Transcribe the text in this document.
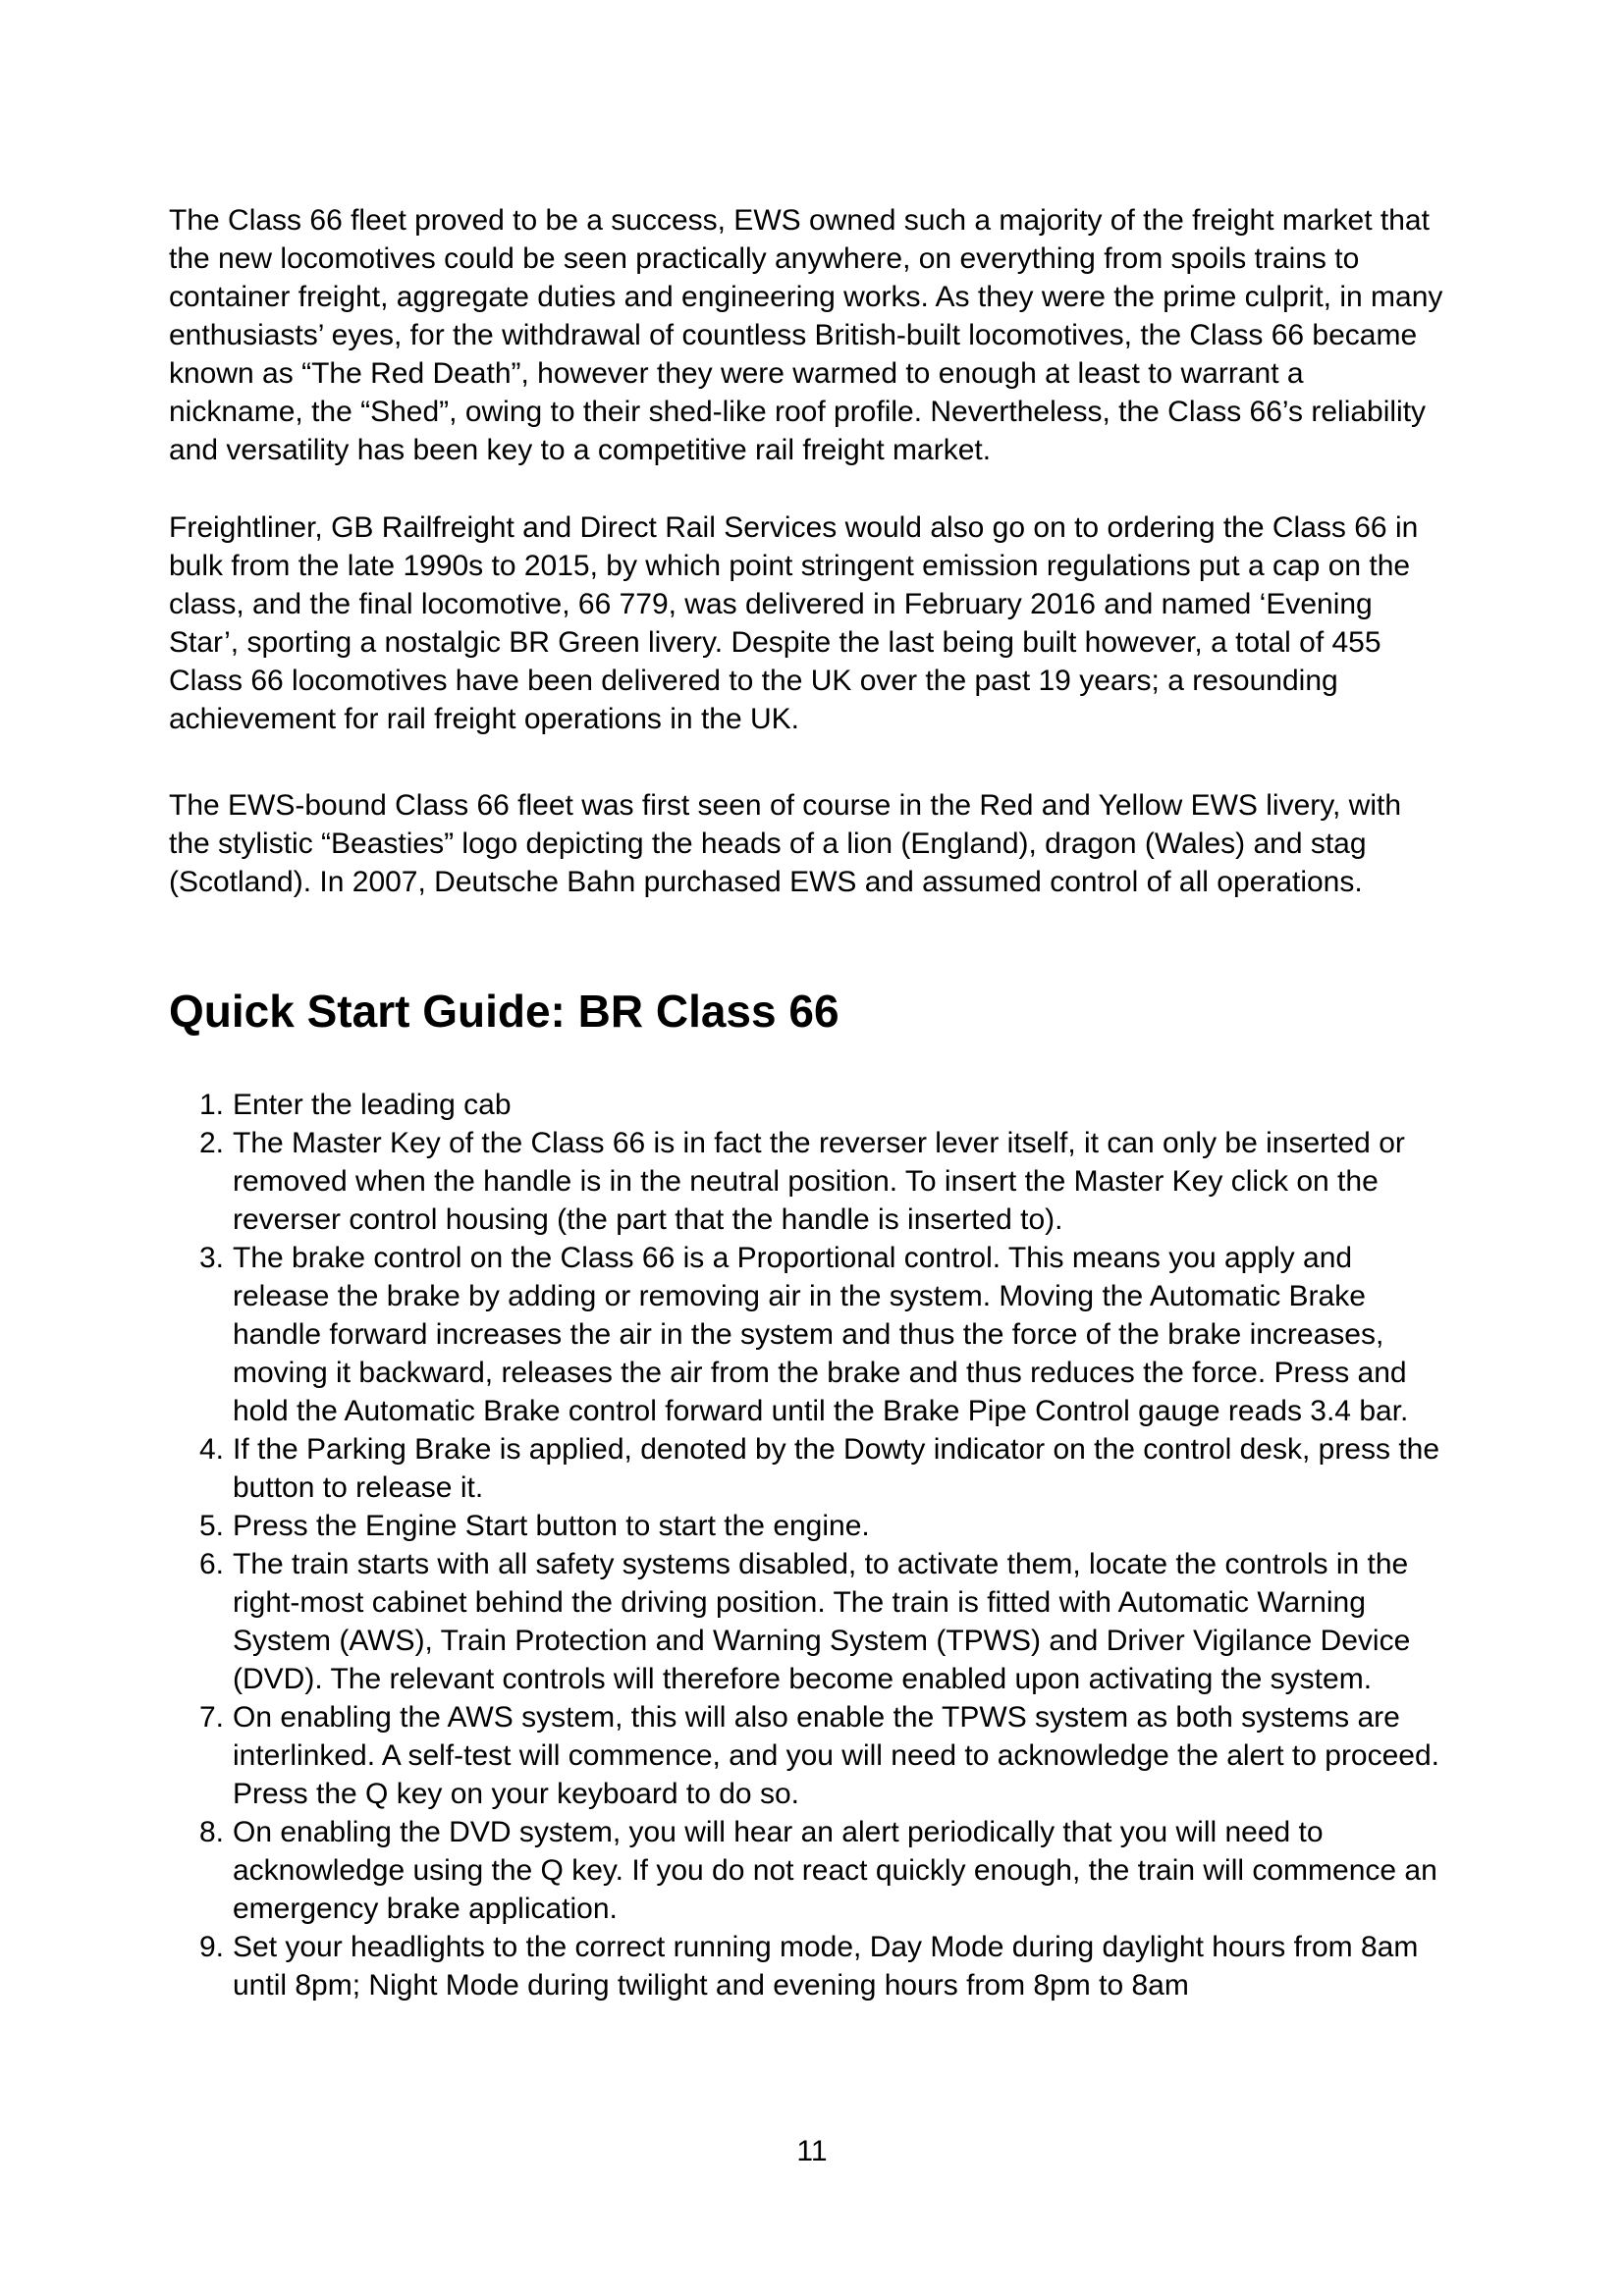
The Class 66 fleet proved to be a success, EWS owned such a majority of the freight market that the new locomotives could be seen practically anywhere, on everything from spoils trains to container freight, aggregate duties and engineering works. As they were the prime culprit, in many enthusiasts’ eyes, for the withdrawal of countless British-built locomotives, the Class 66 became known as “The Red Death”, however they were warmed to enough at least to warrant a nickname, the “Shed”, owing to their shed-like roof profile. Nevertheless, the Class 66’s reliability and versatility has been key to a competitive rail freight market.

Freightliner, GB Railfreight and Direct Rail Services would also go on to ordering the Class 66 in bulk from the late 1990s to 2015, by which point stringent emission regulations put a cap on the class, and the final locomotive, 66 779, was delivered in February 2016 and named ‘Evening Star’, sporting a nostalgic BR Green livery. Despite the last being built however, a total of 455 Class 66 locomotives have been delivered to the UK over the past 19 years; a resounding achievement for rail freight operations in the UK.

The EWS-bound Class 66 fleet was first seen of course in the Red and Yellow EWS livery, with the stylistic “Beasties” logo depicting the heads of a lion (England), dragon (Wales) and stag (Scotland). In 2007, Deutsche Bahn purchased EWS and assumed control of all operations.

Quick Start Guide: BR Class 66
1. Enter the leading cab
2. The Master Key of the Class 66 is in fact the reverser lever itself, it can only be inserted or removed when the handle is in the neutral position. To insert the Master Key click on the reverser control housing (the part that the handle is inserted to).
3. The brake control on the Class 66 is a Proportional control. This means you apply and release the brake by adding or removing air in the system. Moving the Automatic Brake handle forward increases the air in the system and thus the force of the brake increases, moving it backward, releases the air from the brake and thus reduces the force. Press and hold the Automatic Brake control forward until the Brake Pipe Control gauge reads 3.4 bar.
4. If the Parking Brake is applied, denoted by the Dowty indicator on the control desk, press the button to release it.
5. Press the Engine Start button to start the engine.
6. The train starts with all safety systems disabled, to activate them, locate the controls in the right-most cabinet behind the driving position. The train is fitted with Automatic Warning System (AWS), Train Protection and Warning System (TPWS) and Driver Vigilance Device (DVD). The relevant controls will therefore become enabled upon activating the system.
7. On enabling the AWS system, this will also enable the TPWS system as both systems are interlinked. A self-test will commence, and you will need to acknowledge the alert to proceed. Press the Q key on your keyboard to do so.
8. On enabling the DVD system, you will hear an alert periodically that you will need to acknowledge using the Q key. If you do not react quickly enough, the train will commence an emergency brake application.
9. Set your headlights to the correct running mode, Day Mode during daylight hours from 8am until 8pm; Night Mode during twilight and evening hours from 8pm to 8am
11
